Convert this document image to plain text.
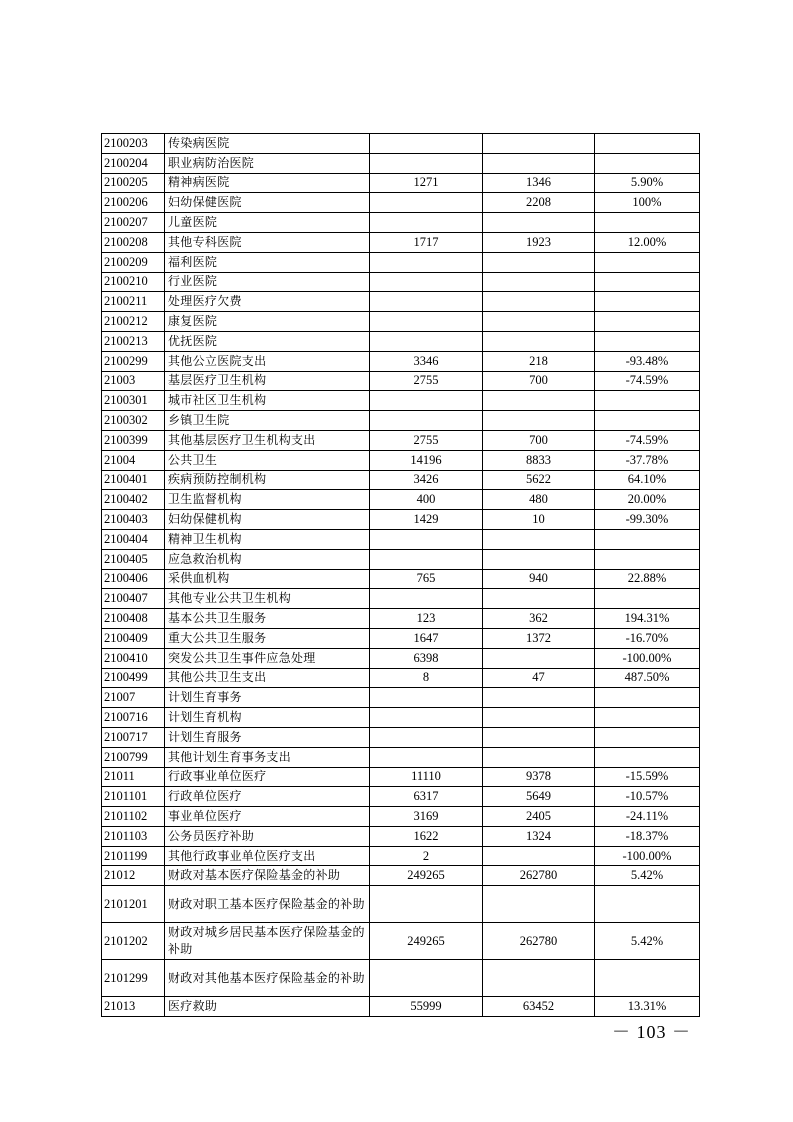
2100203	传染病医院			
2100204	职业病防治医院			
2100205	精神病医院	1271	1346	5.90%
2100206	妇幼保健医院		2208	100%
2100207	儿童医院			
2100208	其他专科医院	1717	1923	12.00%
2100209	福利医院			
2100210	行业医院			
2100211	处理医疗欠费			
2100212	康复医院			
2100213	优抚医院			
2100299	其他公立医院支出	3346	218	-93.48%
21003	基层医疗卫生机构	2755	700	-74.59%
2100301	城市社区卫生机构			
2100302	乡镇卫生院			
2100399	其他基层医疗卫生机构支出	2755	700	-74.59%
21004	公共卫生	14196	8833	-37.78%
2100401	疾病预防控制机构	3426	5622	64.10%
2100402	卫生监督机构	400	480	20.00%
2100403	妇幼保健机构	1429	10	-99.30%
2100404	精神卫生机构			
2100405	应急救治机构			
2100406	采供血机构	765	940	22.88%
2100407	其他专业公共卫生机构			
2100408	基本公共卫生服务	123	362	194.31%
2100409	重大公共卫生服务	1647	1372	-16.70%
2100410	突发公共卫生事件应急处理	6398		-100.00%
2100499	其他公共卫生支出	8	47	487.50%
21007	计划生育事务			
2100716	计划生育机构			
2100717	计划生育服务			
2100799	其他计划生育事务支出			
21011	行政事业单位医疗	11110	9378	-15.59%
2101101	行政单位医疗	6317	5649	-10.57%
2101102	事业单位医疗	3169	2405	-24.11%
2101103	公务员医疗补助	1622	1324	-18.37%
2101199	其他行政事业单位医疗支出	2		-100.00%
21012	财政对基本医疗保险基金的补助	249265	262780	5.42%
2101201	财政对职工基本医疗保险基金的补助			
2101202	财政对城乡居民基本医疗保险基金的补助	249265	262780	5.42%
2101299	财政对其他基本医疗保险基金的补助			
21013	医疗救助	55999	63452	13.31%
－ 103 －
